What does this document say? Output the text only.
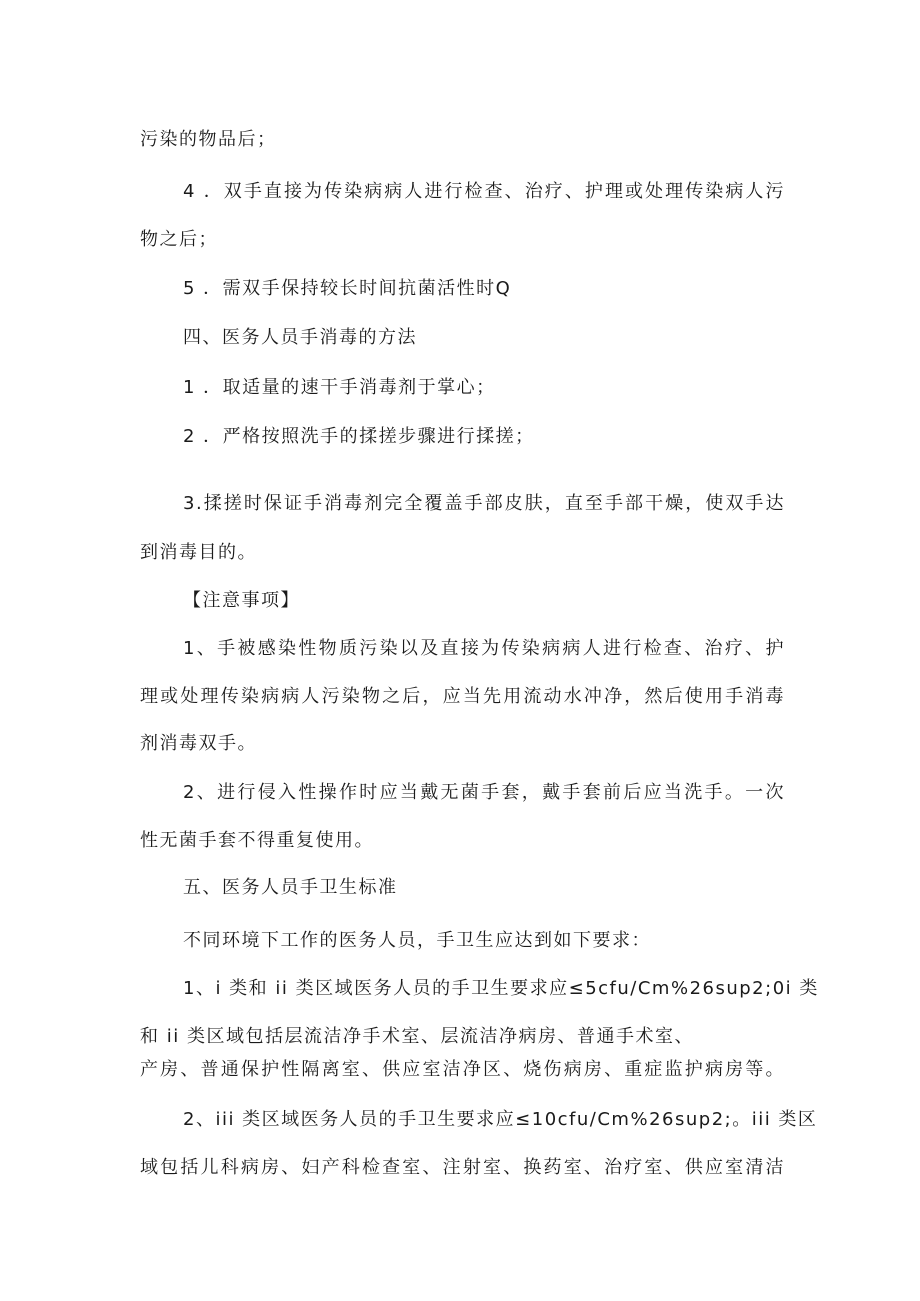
污染的物品后；
4 ．双手直接为传染病病人进行检查、治疗、护理或处理传染病人污
物之后；
5 ．需双手保持较长时间抗菌活性时Q
四、医务人员手消毒的方法
1 ．取适量的速干手消毒剂于掌心；
2 ．严格按照洗手的揉搓步骤进行揉搓；
3.揉搓时保证手消毒剂完全覆盖手部皮肤，直至手部干燥，使双手达
到消毒目的。
【注意事项】
1、手被感染性物质污染以及直接为传染病病人进行检查、治疗、护
理或处理传染病病人污染物之后，应当先用流动水冲净，然后使用手消毒
剂消毒双手。
2、进行侵入性操作时应当戴无菌手套，戴手套前后应当洗手。一次
性无菌手套不得重复使用。
五、医务人员手卫生标准
不同环境下工作的医务人员，手卫生应达到如下要求：
1、i 类和 ii 类区域医务人员的手卫生要求应≤5cfu∕Cm%26sup2;0i 类
和 ii 类区域包括层流洁净手术室、层流洁净病房、普通手术室、
产房、普通保护性隔离室、供应室洁净区、烧伤病房、重症监护病房等。
2、iii 类区域医务人员的手卫生要求应≤10cfu∕Cm%26sup2;。iii 类区
域包括儿科病房、妇产科检查室、注射室、换药室、治疗室、供应室清洁
